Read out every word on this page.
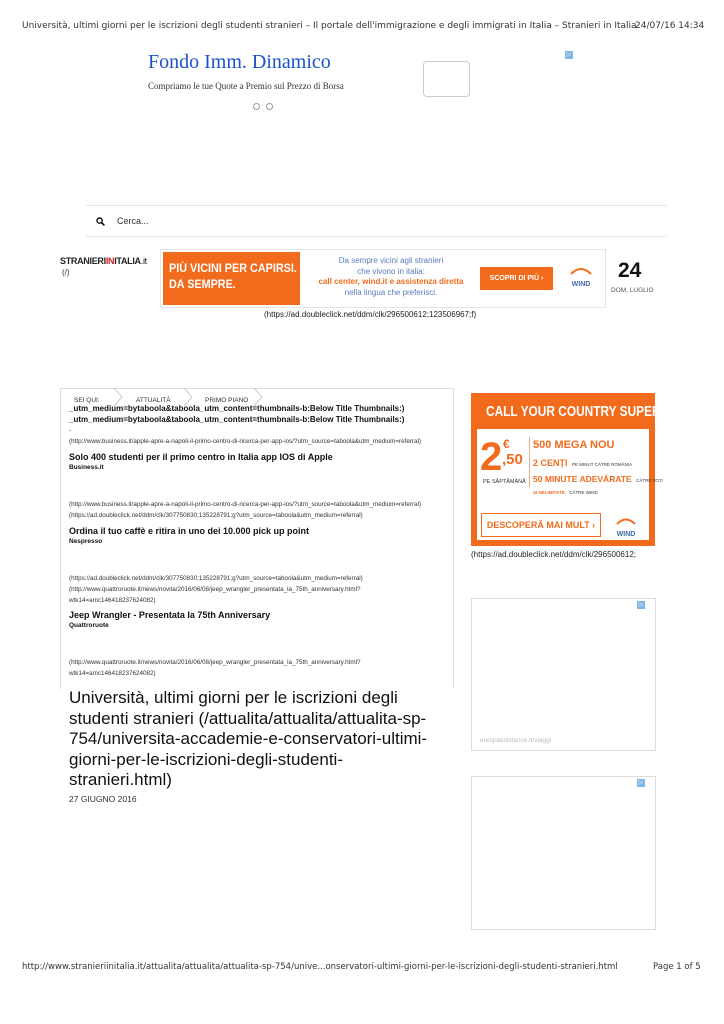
Università, ultimi giorni per le iscrizioni degli studenti stranieri – Il portale dell'immigrazione e degli immigrati in Italia – Stranieri in Italia
24/07/16 14:34
Fondo Imm. Dinamico
Compriamo le tue Quote a Premio sul Prezzo di Borsa
▷
Cerca...
STRANIERIINITALIA.it
(/)	PIÙ VICINI PER CAPIRSI.
DA SEMPRE.
Da sempre vicini agli stranieri
che vivono in italia:
call center, wind.it e assistenza diretta
nella lingua che preferisci.
SCOPRI DI PIÙ ›
WIND
(https://ad.doubleclick.net/ddm/clk/296500612;123506967;f)
24
DOM, LUGLIO
SEI QUI:	ATTUALITÀ	PRIMO PIANO
_utm_medium=bytaboola&taboola_utm_content=thumbnails-b:Below Title Thumbnails:)
_utm_medium=bytaboola&taboola_utm_content=thumbnails-b:Below Title Thumbnails:)
.
(http://www.business.it/apple-apre-a-napoli-il-primo-centro-di-ricerca-per-app-ios/?utm_source=taboola&utm_medium=referral)
Solo 400 studenti per il primo centro in Italia app IOS di Apple
Business.it
(http://www.business.it/apple-apre-a-napoli-il-primo-centro-di-ricerca-per-app-ios/?utm_source=taboola&utm_medium=referral)
(https://ad.doubleclick.net/ddm/clk/307750830;135228791;g?utm_source=taboola&utm_medium=referral)
Ordina il tuo caffè e ritira in uno dei 10.000 pick up point
Nespresso
(https://ad.doubleclick.net/ddm/clk/307750830;135228791;g?utm_source=taboola&utm_medium=referral)
(http://www.quattroruote.it/news/novita/2016/06/08/jeep_wrangler_presentata_la_75th_anniversary.html?
wtk14=amc146418237624082)
Jeep Wrangler - Presentata la 75th Anniversary
Quattroruote
(http://www.quattroruote.it/news/novita/2016/06/08/jeep_wrangler_presentata_la_75th_anniversary.html?
wtk14=amc146418237624082)
Università, ultimi giorni per le iscrizioni degli
studenti stranieri (/attualita/attualita/attualita-sp-
754/universita-accademie-e-conservatori-ultimi-
giorni-per-le-iscrizioni-degli-studenti-
stranieri.html)
27 GIUGNO 2016
CALL YOUR COUNTRY SUPER
2 €
,50
PE SĂPTĂMÂNĂ
500 MEGA NOU
2 CENȚI PE MINUT CĂTRE ROMÂNIA
50 MINUTE ADEVĂRATE CĂTRE TOȚI
ȘI NELIMITATE CĂTRE WIND
DESCOPERĂ MAI MULT ›
WIND
(https://ad.doubleclick.net/ddm/clk/296500612;
▷
europassistance.it/viaggi
▷
http://www.stranieriinitalia.it/attualita/attualita/attualita-sp-754/unive...onservatori-ultimi-giorni-per-le-iscrizioni-degli-studenti-stranieri.html	Page 1 of 5
